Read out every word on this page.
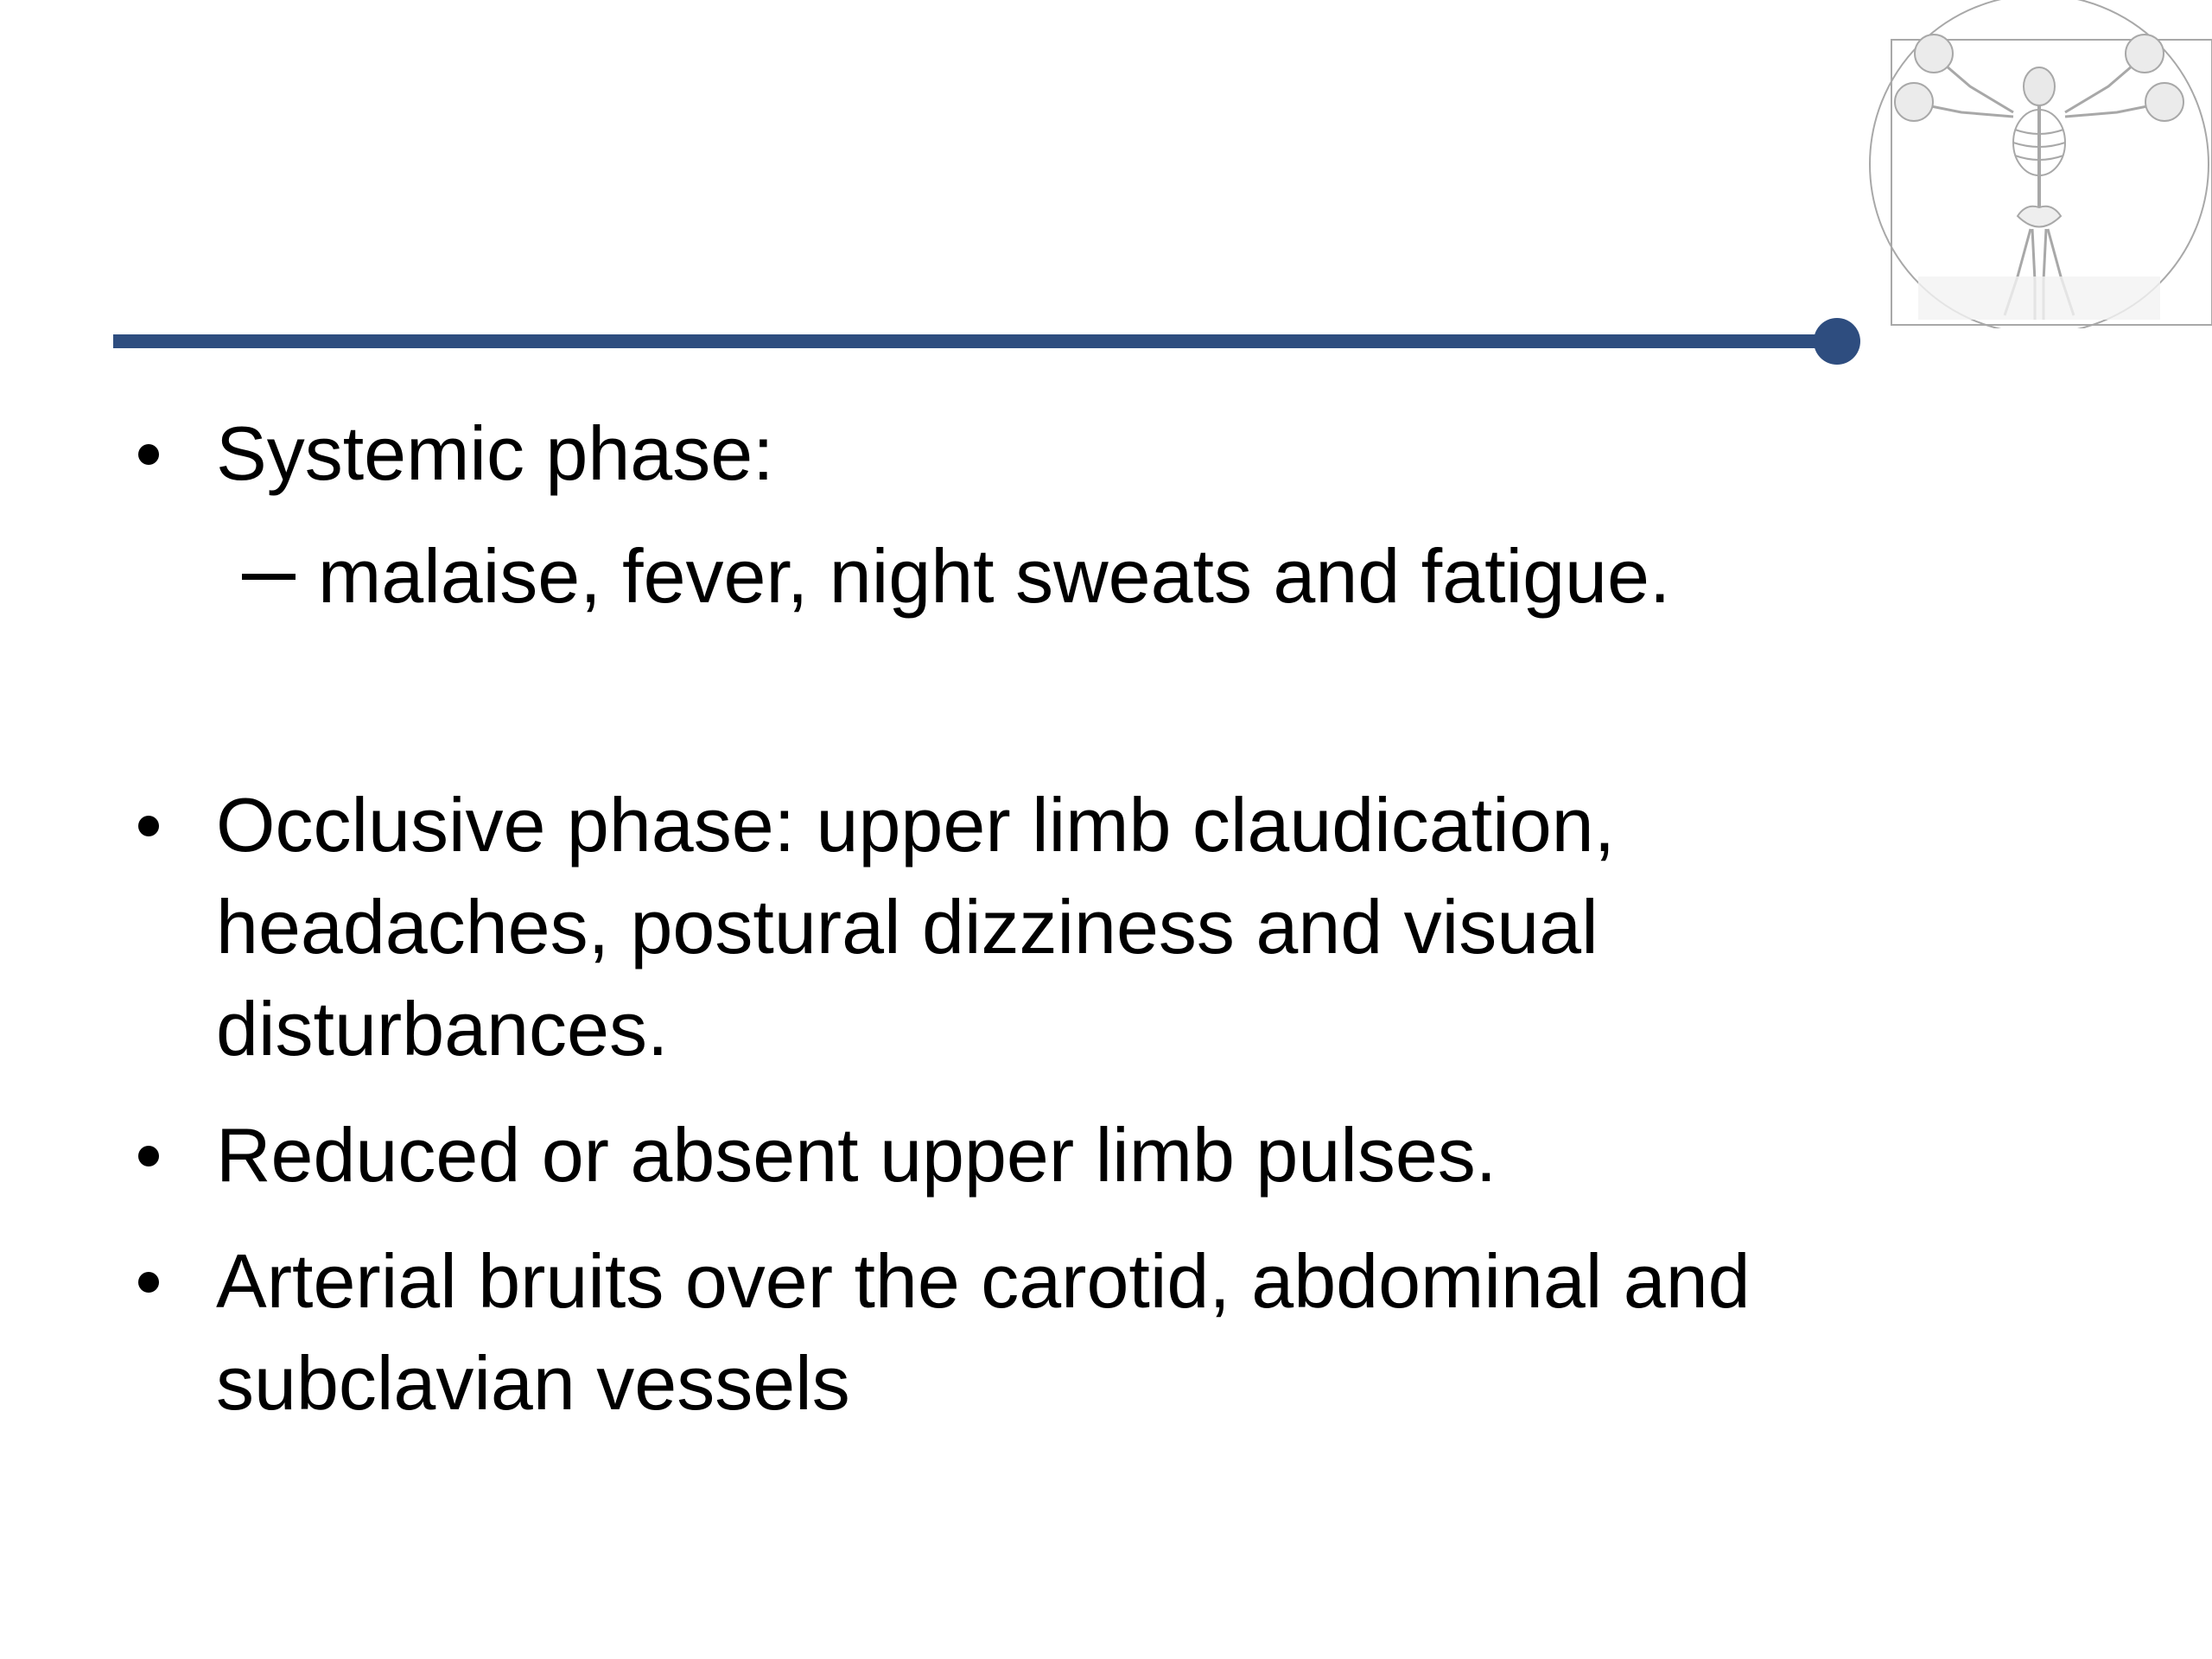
Systemic phase:
malaise, fever, night sweats and fatigue.
Occlusive phase: upper limb claudication,
headaches, postural dizziness and visual
disturbances.
Reduced or absent upper limb pulses.
Arterial bruits over the carotid, abdominal and
subclavian vessels
